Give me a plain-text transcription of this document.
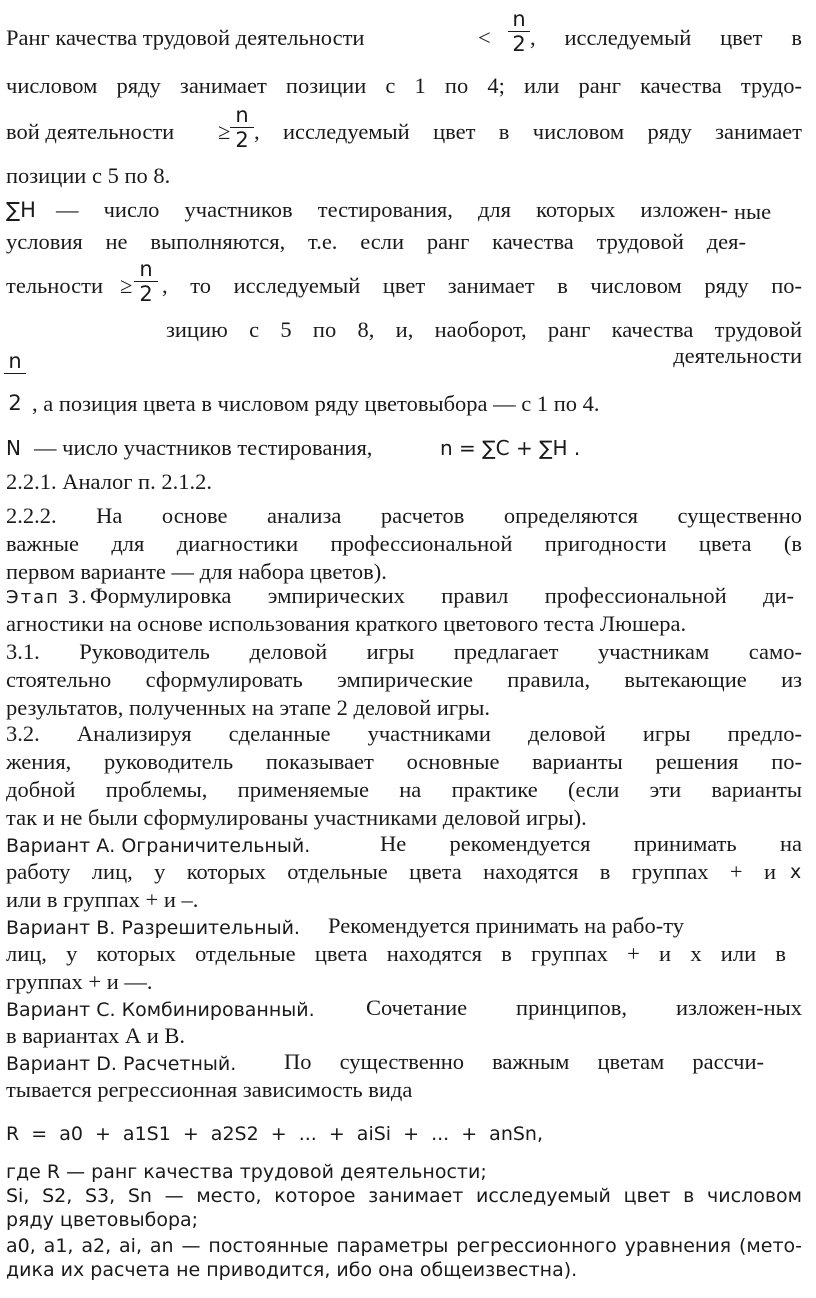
Ранг качества трудовой деятельности	<
n
2 , исследуемый цвет в
числовом ряду занимает позиции с 1 по 4; или ранг качества трудо-
вой деятельности ≥
n
2 , исследуемый цвет в числовом ряду занимает
позиции с 5 по 8.
∑Н — число участников тестирования, для которых изложен- ные
условия не выполняются, т.е. если ранг качества трудовой дея-
тельности ≥
n
2 , то исследуемый цвет занимает в числовом ряду по-
зицию с 5 по 8, и, наоборот, ранг качества трудовой
деятельности
n
2 , а позиция цвета в числовом ряду цветовыбора — с 1 по 4.
N — число участников тестирования,	n = ∑С + ∑Н .
2.2.1. Аналог п. 2.1.2.
2.2.2. На основе анализа расчетов определяются существенно
важные для диагностики профессиональной пригодности цвета (в
первом варианте — для набора цветов).
Этап 3. Формулировка эмпирических правил профессиональной ди-
агностики на основе использования краткого цветового теста Люшера.
3.1. Руководитель деловой игры предлагает участникам само-
стоятельно сформулировать эмпирические правила, вытекающие из
результатов, полученных на этапе 2 деловой игры.
3.2. Анализируя сделанные участниками деловой игры предло-
жения, руководитель показывает основные варианты решения по-
добной проблемы, применяемые на практике (если эти варианты
так и не были сформулированы участниками деловой игры).
Вариант А. Ограничительный.	Не рекомендуется принимать на
работу лиц, у которых отдельные цвета находятся в группах + и х
или в группах + и –.
Вариант В. Разрешительный. Рекомендуется принимать на рабо-ту
лиц, у которых отдельные цвета находятся в группах + и х или в
группах + и —.
Вариант С. Комбинированный. Сочетание принципов, изложен-ных
в вариантах А и В.
Вариант D. Расчетный. По существенно важным цветам рассчи-
тывается регрессионная зависимость вида
R = a0 + a1S1 + a2S2 + ... + aiSi + ... + anSn,
где R — ранг качества трудовой деятельности;
Si, S2, S3, Sn — место, которое занимает исследуемый цвет в числовом
ряду цветовыбора;
a0, a1, a2, ai, an — постоянные параметры регрессионного уравнения (мето-
дика их расчета не приводится, ибо она общеизвестна).
